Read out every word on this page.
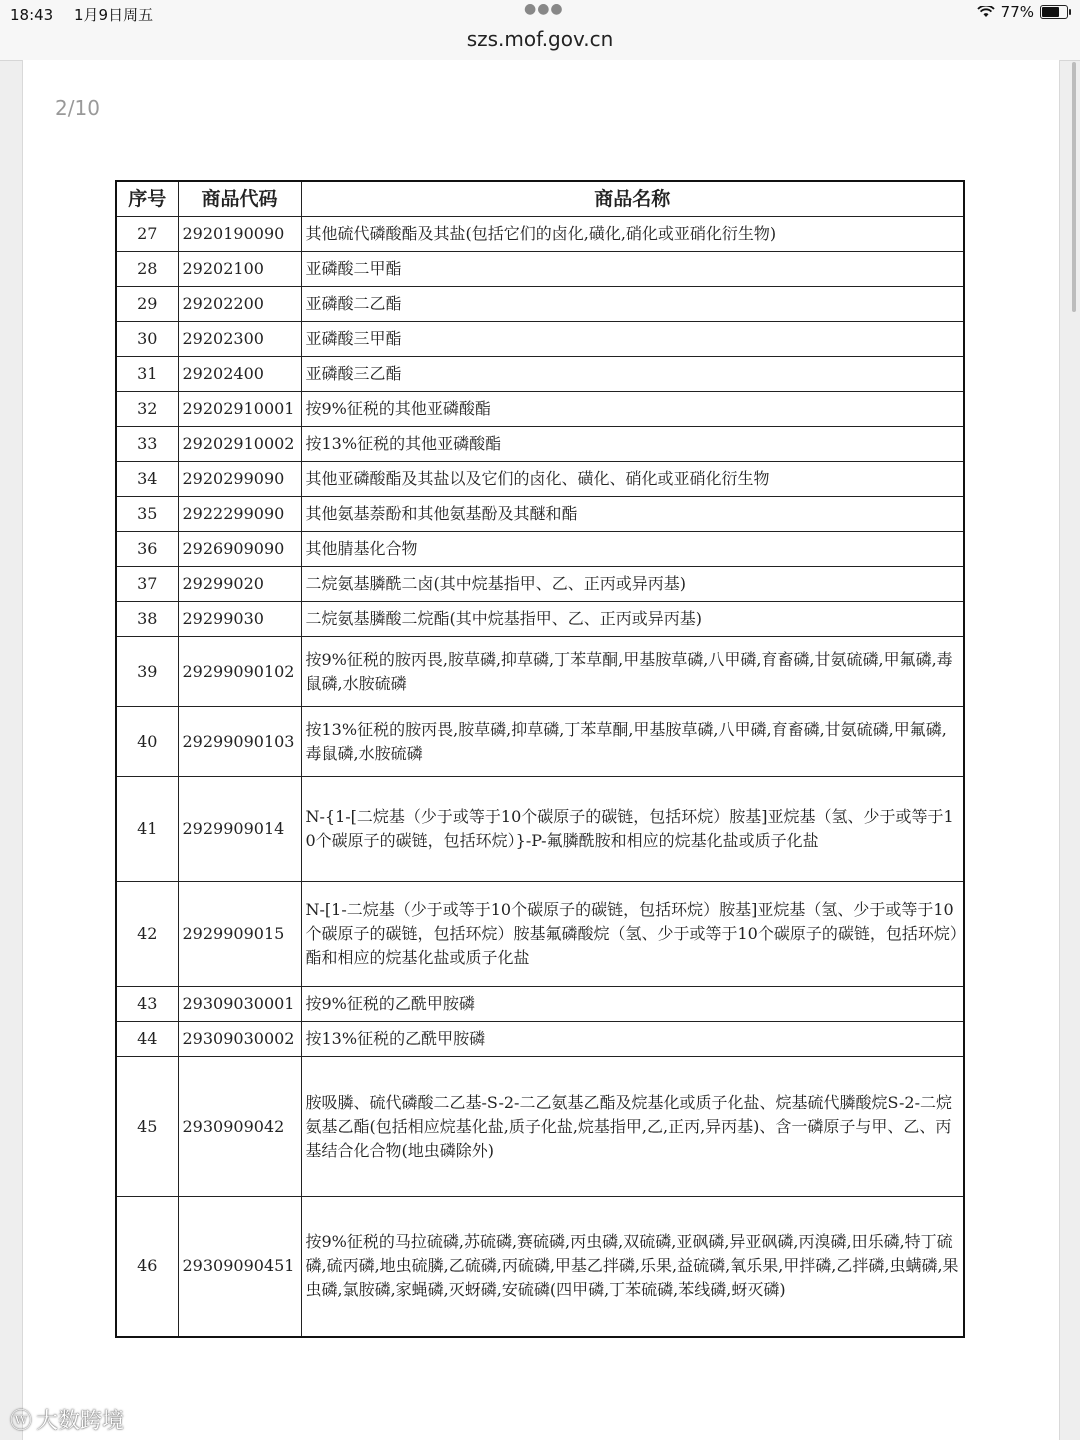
18:43 1月9日周五	●●●	77%
szs.mof.gov.cn
2/10
序号	商品代码	商品名称
27	2920190090	其他硫代磷酸酯及其盐(包括它们的卤化,磺化,硝化或亚硝化衍生物)
28	29202100	亚磷酸二甲酯
29	29202200	亚磷酸二乙酯
30	29202300	亚磷酸三甲酯
31	29202400	亚磷酸三乙酯
32	29202910001	按9%征税的其他亚磷酸酯
33	29202910002	按13%征税的其他亚磷酸酯
34	2920299090	其他亚磷酸酯及其盐以及它们的卤化、磺化、硝化或亚硝化衍生物
35	2922299090	其他氨基萘酚和其他氨基酚及其醚和酯
36	2926909090	其他腈基化合物
37	29299020	二烷氨基膦酰二卤(其中烷基指甲、乙、正丙或异丙基)
38	29299030	二烷氨基膦酸二烷酯(其中烷基指甲、乙、正丙或异丙基)
39	29299090102	按9%征税的胺丙畏,胺草磷,抑草磷,丁苯草酮,甲基胺草磷,八甲磷,育畜磷,甘氨硫磷,甲氟磷,毒鼠磷,水胺硫磷
40	29299090103	按13%征税的胺丙畏,胺草磷,抑草磷,丁苯草酮,甲基胺草磷,八甲磷,育畜磷,甘氨硫磷,甲氟磷,毒鼠磷,水胺硫磷
41	2929909014	N-{1-[二烷基（少于或等于10个碳原子的碳链，包括环烷）胺基]亚烷基（氢、少于或等于10个碳原子的碳链，包括环烷）}-P-氟膦酰胺和相应的烷基化盐或质子化盐
42	2929909015	N-[1-二烷基（少于或等于10个碳原子的碳链，包括环烷）胺基]亚烷基（氢、少于或等于10个碳原子的碳链，包括环烷）胺基氟磷酸烷（氢、少于或等于10个碳原子的碳链，包括环烷）酯和相应的烷基化盐或质子化盐
43	29309030001	按9%征税的乙酰甲胺磷
44	29309030002	按13%征税的乙酰甲胺磷
45	2930909042	胺吸膦、硫代磷酸二乙基-S-2-二乙氨基乙酯及烷基化或质子化盐、烷基硫代膦酸烷S-2-二烷氨基乙酯(包括相应烷基化盐,质子化盐,烷基指甲,乙,正丙,异丙基)、含一磷原子与甲、乙、丙基结合化合物(地虫磷除外)
46	29309090451	按9%征税的马拉硫磷,苏硫磷,赛硫磷,丙虫磷,双硫磷,亚砜磷,异亚砜磷,丙溴磷,田乐磷,特丁硫磷,硫丙磷,地虫硫膦,乙硫磷,丙硫磷,甲基乙拌磷,乐果,益硫磷,氧乐果,甲拌磷,乙拌磷,虫螨磷,果虫磷,氯胺磷,家蝇磷,灭蚜磷,安硫磷(四甲磷,丁苯硫磷,苯线磷,蚜灭磷)
ⓦ 大数跨境
